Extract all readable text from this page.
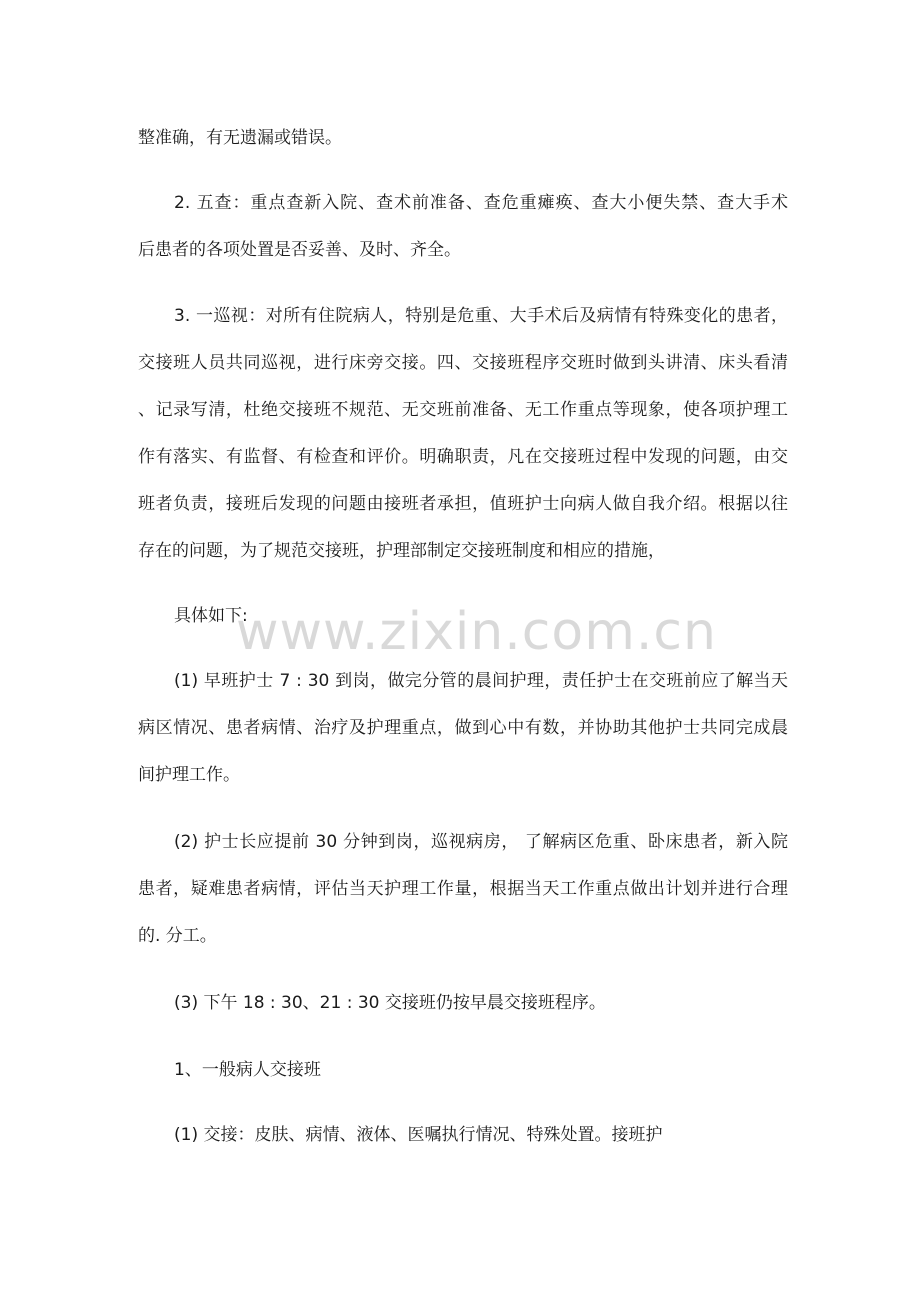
整准确，有无遗漏或错误。
2. 五查：重点查新入院、查术前准备、查危重瘫痪、查大小便失禁、查大手术
后患者的各项处置是否妥善、及时、齐全。
3. 一巡视：对所有住院病人，特别是危重、大手术后及病情有特殊变化的患者，
交接班人员共同巡视，进行床旁交接。四、交接班程序交班时做到头讲清、床头看清
、记录写清，杜绝交接班不规范、无交班前准备、无工作重点等现象，使各项护理工
作有落实、有监督、有检查和评价。明确职责，凡在交接班过程中发现的问题，由交
班者负责，接班后发现的问题由接班者承担，值班护士向病人做自我介绍。根据以往
存在的问题，为了规范交接班，护理部制定交接班制度和相应的措施，
具体如下:
(1) 早班护士 7 : 30 到岗，做完分管的晨间护理，责任护士在交班前应了解当天
病区情况、患者病情、治疗及护理重点，做到心中有数，并协助其他护士共同完成晨
间护理工作。
(2) 护士长应提前 30 分钟到岗，巡视病房， 了解病区危重、卧床患者，新入院
患者，疑难患者病情，评估当天护理工作量，根据当天工作重点做出计划并进行合理
的. 分工。
(3) 下午 18 : 30、21 : 30 交接班仍按早晨交接班程序。
1、一般病人交接班
(1) 交接：皮肤、病情、液体、医嘱执行情况、特殊处置。接班护
www.zixin.com.cn
